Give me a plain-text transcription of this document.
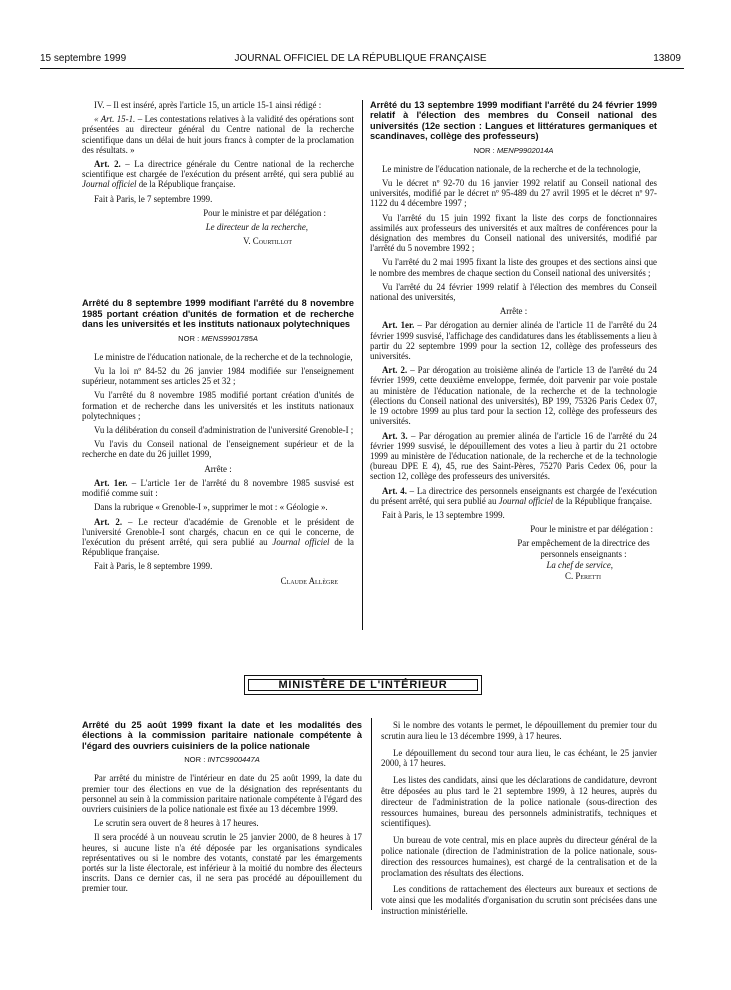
15 septembre 1999	JOURNAL OFFICIEL DE LA RÉPUBLIQUE FRANÇAISE	13809

IV. – Il est inséré, après l'article 15, un article 15-1 ainsi rédigé :

« Art. 15-1. – Les contestations relatives à la validité des opérations sont présentées au directeur général du Centre national de la recherche scientifique dans un délai de huit jours francs à compter de la proclamation des résultats. »

Art. 2. – La directrice générale du Centre national de la recherche scientifique est chargée de l'exécution du présent arrêté, qui sera publié au Journal officiel de la République française.

Fait à Paris, le 7 septembre 1999.

Pour le ministre et par délégation :

Le directeur de la recherche,

V. Courtillot

Arrêté du 8 septembre 1999 modifiant l'arrêté du 8 novembre 1985 portant création d'unités de formation et de recherche dans les universités et les instituts nationaux polytechniques
NOR : MENS9901785A

Le ministre de l'éducation nationale, de la recherche et de la technologie,

Vu la loi nº 84-52 du 26 janvier 1984 modifiée sur l'enseignement supérieur, notamment ses articles 25 et 32 ;

Vu l'arrêté du 8 novembre 1985 modifié portant création d'unités de formation et de recherche dans les universités et les instituts nationaux polytechniques ;

Vu la délibération du conseil d'administration de l'université Grenoble-I ;

Vu l'avis du Conseil national de l'enseignement supérieur et de la recherche en date du 26 juillet 1999,

Arrête :

Art. 1er. – L'article 1er de l'arrêté du 8 novembre 1985 susvisé est modifié comme suit :

Dans la rubrique « Grenoble-I », supprimer le mot : « Géologie ».

Art. 2. – Le recteur d'académie de Grenoble et le président de l'université Grenoble-I sont chargés, chacun en ce qui le concerne, de l'exécution du présent arrêté, qui sera publié au Journal officiel de la République française.

Fait à Paris, le 8 septembre 1999.

Claude Allègre

Arrêté du 13 septembre 1999 modifiant l'arrêté du 24 février 1999 relatif à l'élection des membres du Conseil national des universités (12e section : Langues et littératures germaniques et scandinaves, collège des professeurs)
NOR : MENP9902014A

Le ministre de l'éducation nationale, de la recherche et de la technologie,

Vu le décret nº 92-70 du 16 janvier 1992 relatif au Conseil national des universités, modifié par le décret nº 95-489 du 27 avril 1995 et le décret nº 97-1122 du 4 décembre 1997 ;

Vu l'arrêté du 15 juin 1992 fixant la liste des corps de fonctionnaires assimilés aux professeurs des universités et aux maîtres de conférences pour la désignation des membres du Conseil national des universités, modifié par l'arrêté du 5 novembre 1992 ;

Vu l'arrêté du 2 mai 1995 fixant la liste des groupes et des sections ainsi que le nombre des membres de chaque section du Conseil national des universités ;

Vu l'arrêté du 24 février 1999 relatif à l'élection des membres du Conseil national des universités,

Arrête :

Art. 1er. – Par dérogation au dernier alinéa de l'article 11 de l'arrêté du 24 février 1999 susvisé, l'affichage des candidatures dans les établissements a lieu à partir du 22 septembre 1999 pour la section 12, collège des professeurs des universités.

Art. 2. – Par dérogation au troisième alinéa de l'article 13 de l'arrêté du 24 février 1999, cette deuxième enveloppe, fermée, doit parvenir par voie postale au ministère de l'éducation nationale, de la recherche et de la technologie (élections du Conseil national des universités), BP 199, 75326 Paris Cedex 07, le 19 octobre 1999 au plus tard pour la section 12, collège des professeurs des universités.

Art. 3. – Par dérogation au premier alinéa de l'article 16 de l'arrêté du 24 février 1999 susvisé, le dépouillement des votes a lieu à partir du 21 octobre 1999 au ministère de l'éducation nationale, de la recherche et de la technologie (bureau DPE E 4), 45, rue des Saint-Pères, 75270 Paris Cedex 06, pour la section 12, collège des professeurs des universités.

Art. 4. – La directrice des personnels enseignants est chargée de l'exécution du présent arrêté, qui sera publié au Journal officiel de la République française.

Fait à Paris, le 13 septembre 1999.

Pour le ministre et par délégation :

Par empêchement de la directrice des personnels enseignants :

La chef de service,

C. Peretti

MINISTÈRE DE L'INTÉRIEUR
Arrêté du 25 août 1999 fixant la date et les modalités des élections à la commission paritaire nationale compétente à l'égard des ouvriers cuisiniers de la police nationale
NOR : INTC9900447A

Par arrêté du ministre de l'intérieur en date du 25 août 1999, la date du premier tour des élections en vue de la désignation des représentants du personnel au sein à la commission paritaire nationale compétente à l'égard des ouvriers cuisiniers de la police nationale est fixée au 13 décembre 1999.

Le scrutin sera ouvert de 8 heures à 17 heures.

Il sera procédé à un nouveau scrutin le 25 janvier 2000, de 8 heures à 17 heures, si aucune liste n'a été déposée par les organisations syndicales représentatives ou si le nombre des votants, constaté par les émargements portés sur la liste électorale, est inférieur à la moitié du nombre des électeurs inscrits. Dans ce dernier cas, il ne sera pas procédé au dépouillement du premier tour.

Si le nombre des votants le permet, le dépouillement du premier tour du scrutin aura lieu le 13 décembre 1999, à 17 heures.

Le dépouillement du second tour aura lieu, le cas échéant, le 25 janvier 2000, à 17 heures.

Les listes des candidats, ainsi que les déclarations de candidature, devront être déposées au plus tard le 21 septembre 1999, à 12 heures, auprès du directeur de l'administration de la police nationale (sous-direction des ressources humaines, bureau des personnels administratifs, techniques et scientifiques).

Un bureau de vote central, mis en place auprès du directeur général de la police nationale (direction de l'administration de la police nationale, sous-direction des ressources humaines), est chargé de la centralisation et de la proclamation des résultats des élections.

Les conditions de rattachement des électeurs aux bureaux et sections de vote ainsi que les modalités d'organisation du scrutin sont précisées dans une instruction ministérielle.
